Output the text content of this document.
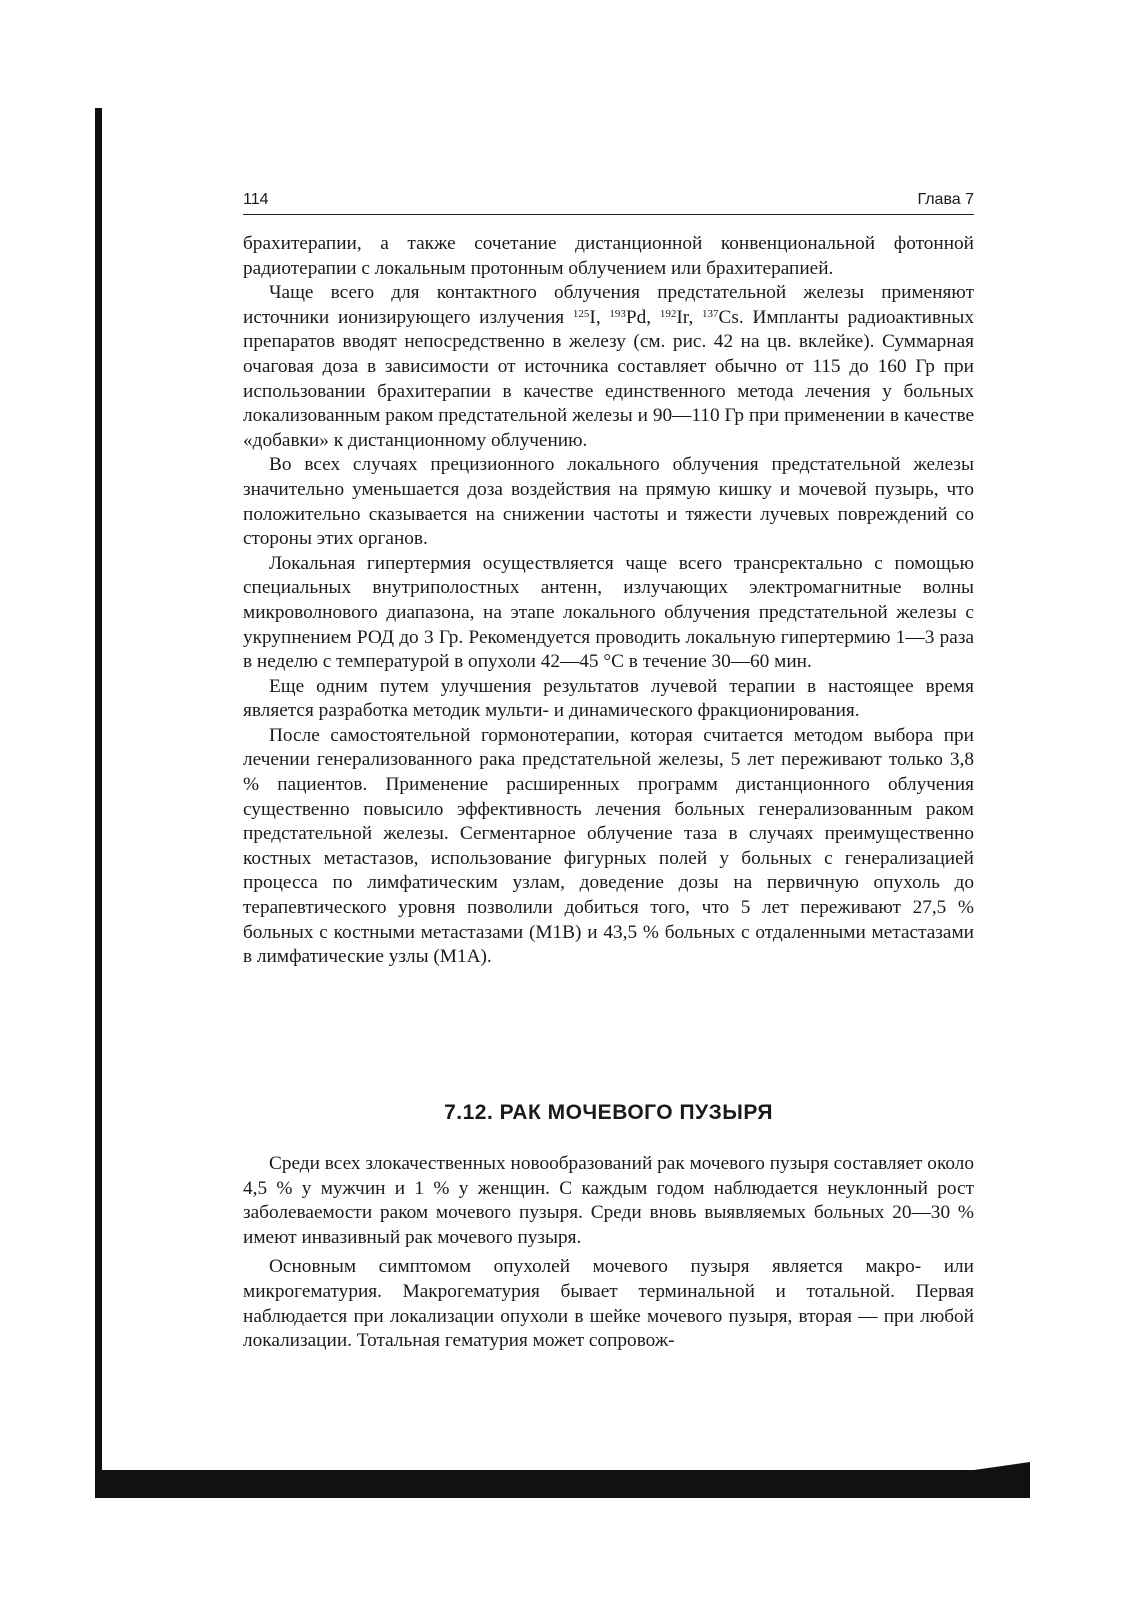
114	Глава 7

брахитерапии, а также сочетание дистанционной конвенциональной фотонной радиотерапии с локальным протонным облучением или брахитерапией.

Чаще всего для контактного облучения предстательной железы применяют источники ионизирующего излучения $^{125}$I, $^{193}$Pd, $^{192}$Ir, $^{137}$Cs. Импланты радиоактивных препаратов вводят непосредственно в железу (см. рис. 42 на цв. вклейке). Суммарная очаговая доза в зависимости от источника составляет обычно от 115 до 160 Гр при использовании брахитерапии в качестве единственного метода лечения у больных локализованным раком предстательной железы и 90—110 Гр при применении в качестве «добавки» к дистанционному облучению.

Во всех случаях прецизионного локального облучения предстательной железы значительно уменьшается доза воздействия на прямую кишку и мочевой пузырь, что положительно сказывается на снижении частоты и тяжести лучевых повреждений со стороны этих органов.

Локальная гипертермия осуществляется чаще всего трансректально с помощью специальных внутриполостных антенн, излучающих электромагнитные волны микроволнового диапазона, на этапе локального облучения предстательной железы с укрупнением РОД до 3 Гр. Рекомендуется проводить локальную гипертермию 1—3 раза в неделю с температурой в опухоли 42—45 °С в течение 30—60 мин.

Еще одним путем улучшения результатов лучевой терапии в настоящее время является разработка методик мульти- и динамического фракционирования.

После самостоятельной гормонотерапии, которая считается методом выбора при лечении генерализованного рака предстательной железы, 5 лет переживают только 3,8 % пациентов. Применение расширенных программ дистанционного облучения существенно повысило эффективность лечения больных генерализованным раком предстательной железы. Сегментарное облучение таза в случаях преимущественно костных метастазов, использование фигурных полей у больных с генерализацией процесса по лимфатическим узлам, доведение дозы на первичную опухоль до терапевтического уровня позволили добиться того, что 5 лет переживают 27,5 % больных с костными метастазами (M1B) и 43,5 % больных с отдаленными метастазами в лимфатические узлы (M1A).

7.12. РАК МОЧЕВОГО ПУЗЫРЯ

Среди всех злокачественных новообразований рак мочевого пузыря составляет около 4,5 % у мужчин и 1 % у женщин. С каждым годом наблюдается неуклонный рост заболеваемости раком мочевого пузыря. Среди вновь выявляемых больных 20—30 % имеют инвазивный рак мочевого пузыря.

Основным симптомом опухолей мочевого пузыря является макро- или микрогематурия. Макрогематурия бывает терминальной и тотальной. Первая наблюдается при локализации опухоли в шейке мочевого пузыря, вторая — при любой локализации. Тотальная гематурия может сопровож-
